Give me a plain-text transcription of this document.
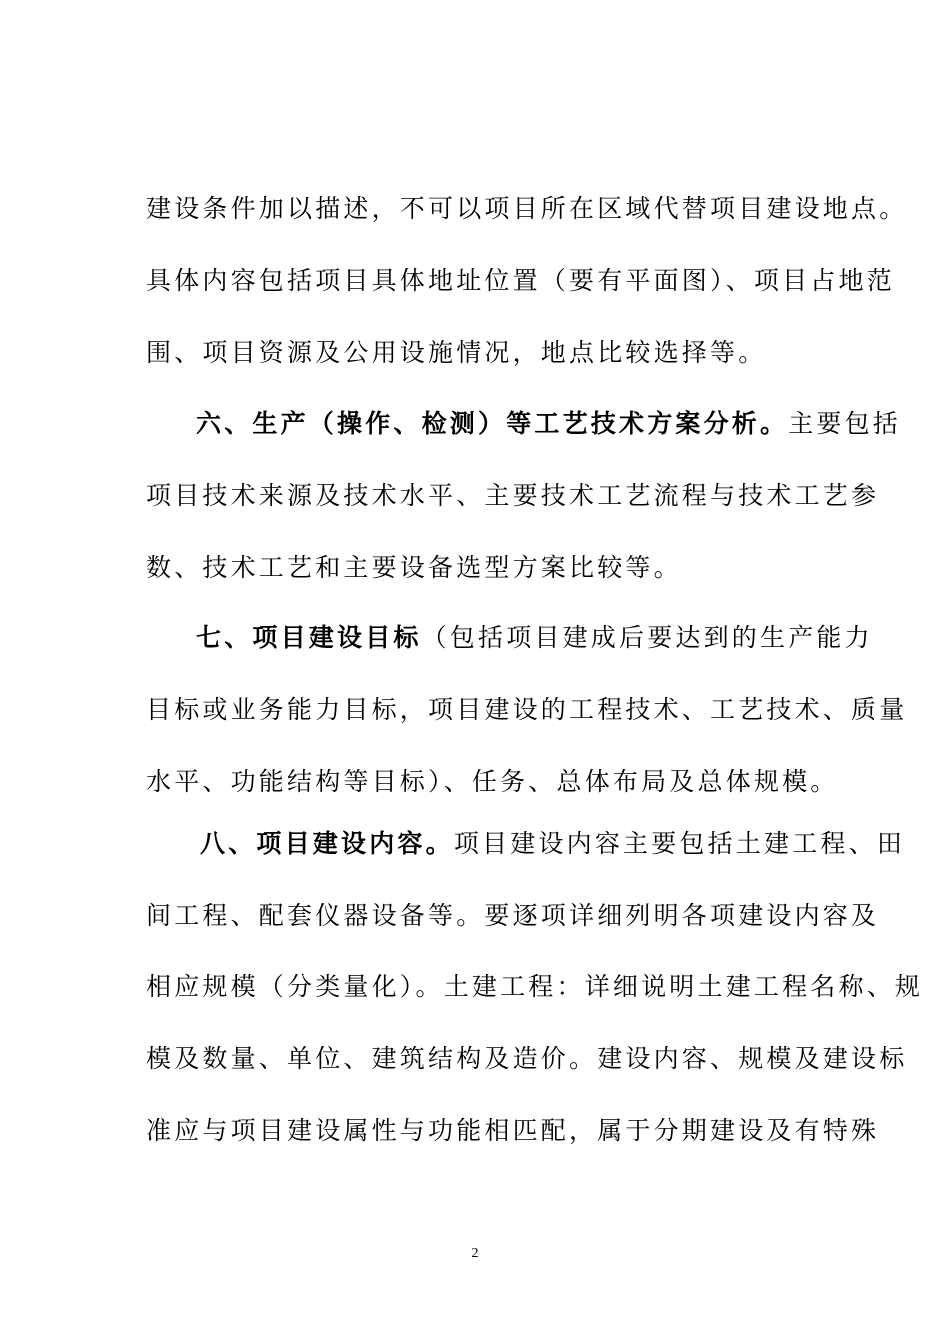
建设条件加以描述，不可以项目所在区域代替项目建设地点。
具体内容包括项目具体地址位置（要有平面图）、项目占地范
围、项目资源及公用设施情况，地点比较选择等。
六、生产（操作、检测）等工艺技术方案分析。主要包括
项目技术来源及技术水平、主要技术工艺流程与技术工艺参
数、技术工艺和主要设备选型方案比较等。
七、项目建设目标（包括项目建成后要达到的生产能力
目标或业务能力目标，项目建设的工程技术、工艺技术、质量
水平、功能结构等目标）、任务、总体布局及总体规模。
八、项目建设内容。项目建设内容主要包括土建工程、田
间工程、配套仪器设备等。要逐项详细列明各项建设内容及
相应规模（分类量化）。土建工程：详细说明土建工程名称、规
模及数量、单位、建筑结构及造价。建设内容、规模及建设标
准应与项目建设属性与功能相匹配，属于分期建设及有特殊
2
